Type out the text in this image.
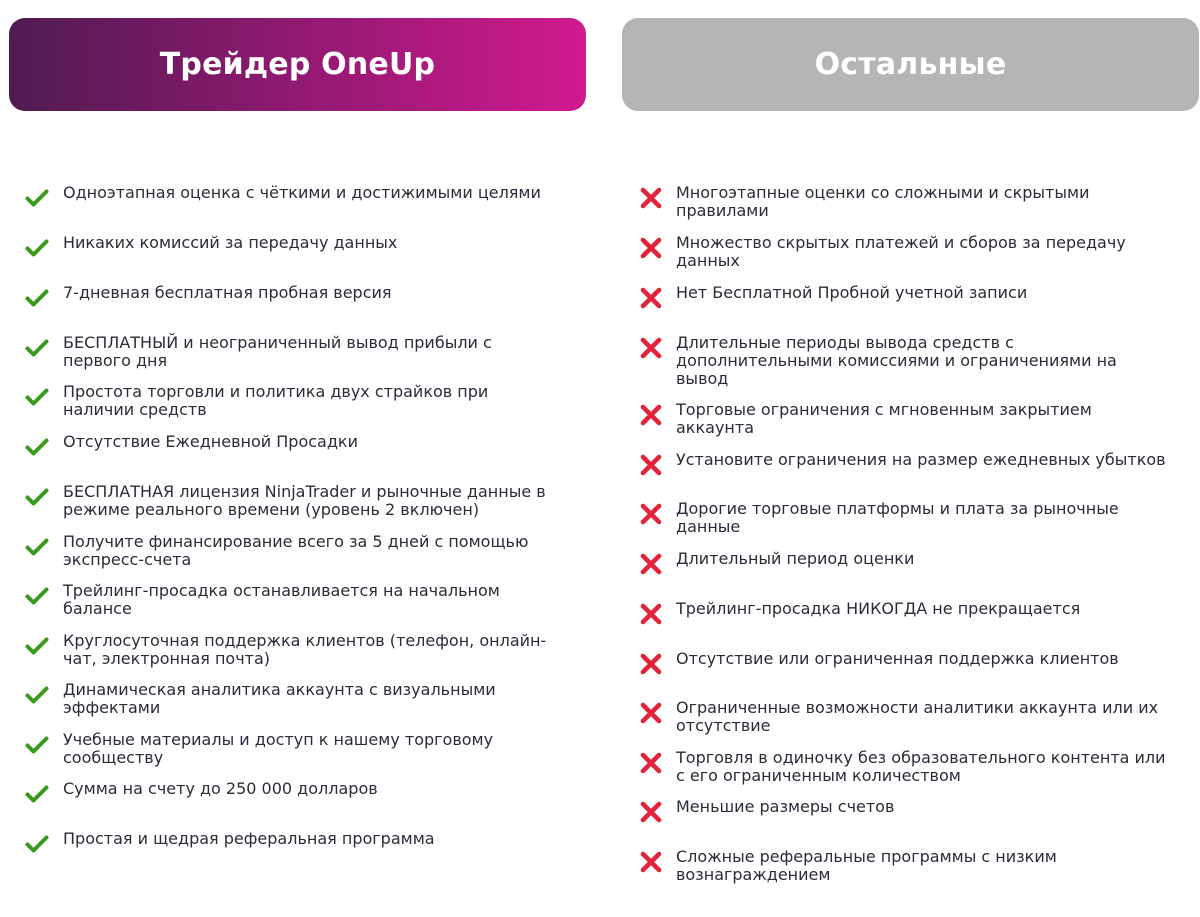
Трейдер OneUp
Одноэтапная оценка с чёткими и достижимыми целями
Никаких комиссий за передачу данных
7-дневная бесплатная пробная версия
БЕСПЛАТНЫЙ и неограниченный вывод прибыли с
первого дня
Простота торговли и политика двух страйков при
наличии средств
Отсутствие Ежедневной Просадки
БЕСПЛАТНАЯ лицензия NinjaTrader и рыночные данные в
режиме реального времени (уровень 2 включен)
Получите финансирование всего за 5 дней с помощью
экспресс-счета
Трейлинг-просадка останавливается на начальном
балансе
Круглосуточная поддержка клиентов (телефон, онлайн-
чат, электронная почта)
Динамическая аналитика аккаунта с визуальными
эффектами
Учебные материалы и доступ к нашему торговому
сообществу
Сумма на счету до 250 000 долларов
Простая и щедрая реферальная программа
Остальные
Многоэтапные оценки со сложными и скрытыми
правилами
Множество скрытых платежей и сборов за передачу
данных
Нет Бесплатной Пробной учетной записи
Длительные периоды вывода средств с
дополнительными комиссиями и ограничениями на
вывод
Торговые ограничения с мгновенным закрытием
аккаунта
Установите ограничения на размер ежедневных убытков
Дорогие торговые платформы и плата за рыночные
данные
Длительный период оценки
Трейлинг-просадка НИКОГДА не прекращается
Отсутствие или ограниченная поддержка клиентов
Ограниченные возможности аналитики аккаунта или их
отсутствие
Торговля в одиночку без образовательного контента или
с его ограниченным количеством
Меньшие размеры счетов
Сложные реферальные программы с низким
вознаграждением
